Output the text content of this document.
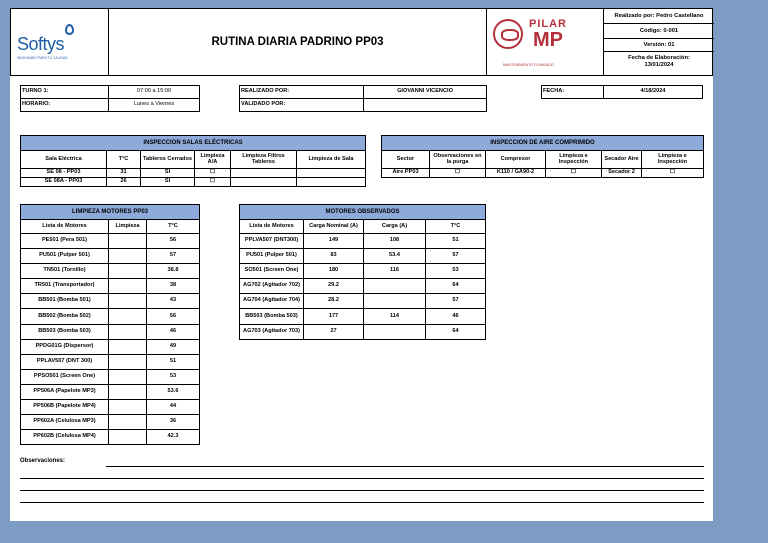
Softys
INNOVANDO PARA TU CALIDAD
RUTINA DIARIA PADRINO PP03
PILAR
MP
MANTENIMIENTO PLANEADO
Realizado por: Pedro Castellano
Código: 0-001
Versión: 01
Fecha de Elaboración:
13/01/2024
TURNO 1:	07:00 a 15:00
HORARIO:	Lunes a Viernes
REALIZADO POR:	GIOVANNI VICENCIO
VALIDADO POR:	
FECHA:	4/18/2024
INSPECCION SALAS ELÉCTRICAS					
Sala Eléctrica	T°C	Tableros Cerrados	Limpieza A/A	Limpieza Filtros Tableros	Limpieza de Sala
SE 08 - PP03	31	SI	☐		
SE 08A - PP03	26	SI	☐		
INSPECCION DE AIRE COMPRIMIDO					
Sector	Observaciones en la purga	Compresor	Limpieza e Inspección	Secador Aire	Limpieza e Inspección
Aire PP03	☐	K110 / GA90-2	☐	Secador 2	☐
LIMPIEZA MOTORES PP03		
Lista de Motores	Limpieza	T°C
PE501 (Pera 501)		56
PU501 (Pulper 501)		57
TN501 (Tornillo)		38.8
TR501 (Transportador)		38
BB501 (Bomba 501)		43
BB502 (Bomba 502)		56
BB503 (Bomba 503)		46
PPDG01G (Dispersor)		49
PPLAV507 (DNT 300)		51
PPSO501 (Screen One)		53
PP506A (Papelote MP3)		53.6
PP506B (Papelote MP4)		44
PP602A (Celulosa MP3)		36
PP602B (Celulosa MP4)		42.3
MOTORES OBSERVADOS			
Lista de Motores	Carga Nominal (A)	Carga (A)	T°C
PPLVA507 (DNT300)	149	108	51
PU501 (Pulper 501)	83	53.4	57
SO501 (Screen One)	180	116	53
AG702 (Agitador 702)	29.2		64
AG704 (Agitador 704)	28.2		57
BB503 (Bomba 503)	177	114	46
AG703 (Agitador 703)	27		64
Observaciones:
